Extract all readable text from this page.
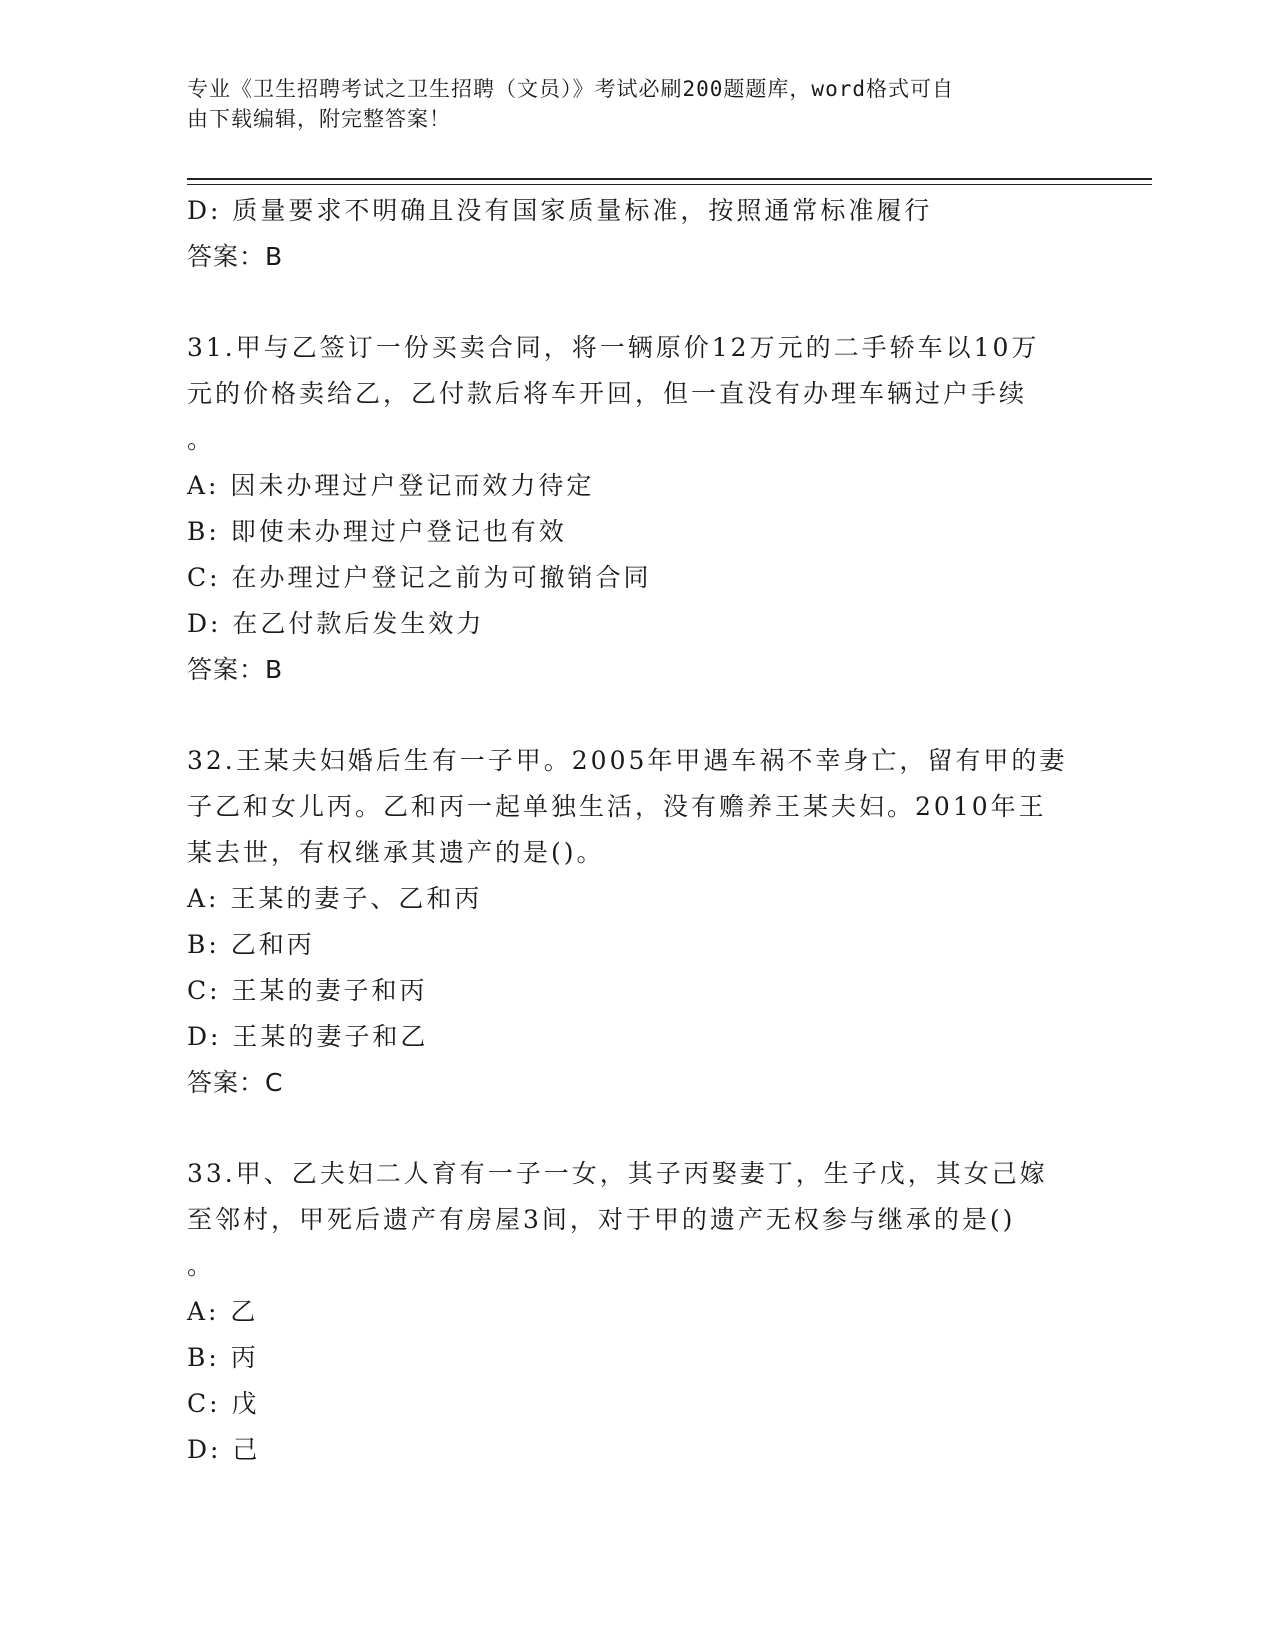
专业《卫生招聘考试之卫生招聘（文员）》考试必刷200题题库，word格式可自
由下载编辑，附完整答案！
D: 质量要求不明确且没有国家质量标准，按照通常标准履行
答案：B
31.甲与乙签订一份买卖合同，将一辆原价12万元的二手轿车以10万
元的价格卖给乙，乙付款后将车开回，但一直没有办理车辆过户手续
。
A: 因未办理过户登记而效力待定
B: 即使未办理过户登记也有效
C: 在办理过户登记之前为可撤销合同
D: 在乙付款后发生效力
答案：B
32.王某夫妇婚后生有一子甲。2005年甲遇车祸不幸身亡，留有甲的妻
子乙和女儿丙。乙和丙一起单独生活，没有赡养王某夫妇。2010年王
某去世，有权继承其遗产的是()。
A: 王某的妻子、乙和丙
B: 乙和丙
C: 王某的妻子和丙
D: 王某的妻子和乙
答案：C
33.甲、乙夫妇二人育有一子一女，其子丙娶妻丁，生子戊，其女己嫁
至邻村，甲死后遗产有房屋3间，对于甲的遗产无权参与继承的是()
。
A: 乙
B: 丙
C: 戊
D: 己
